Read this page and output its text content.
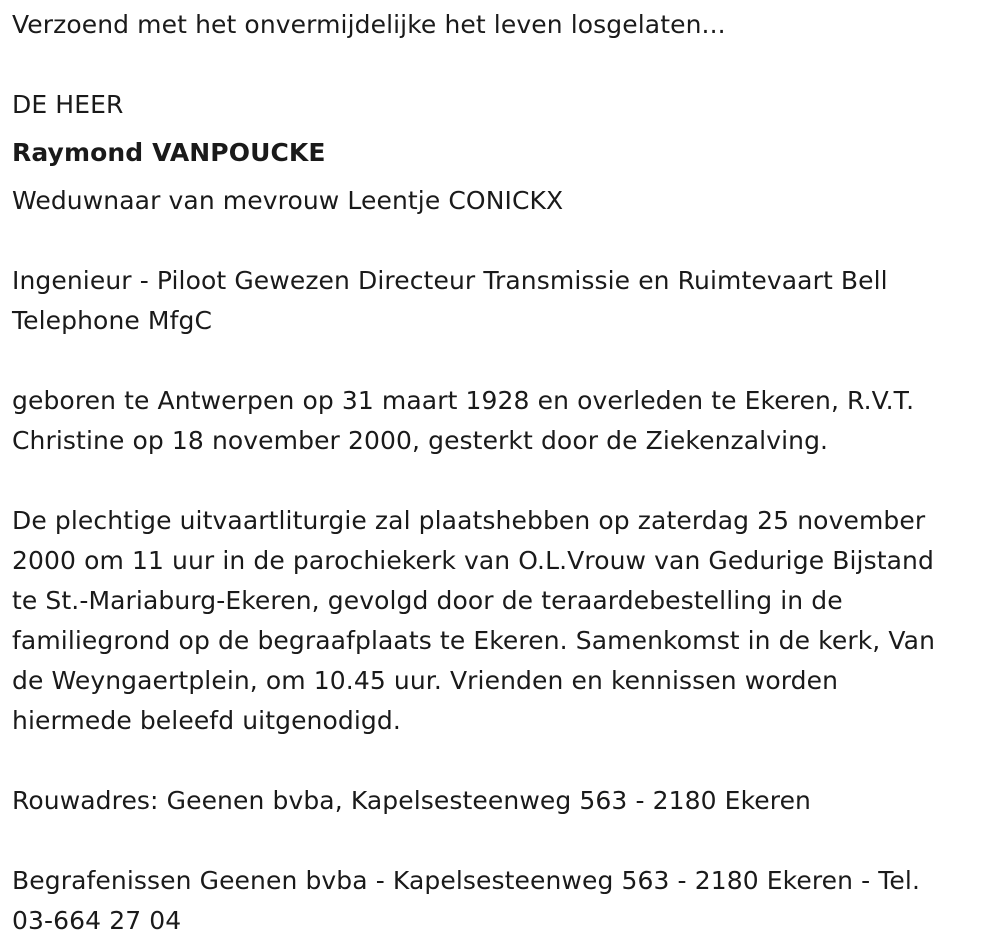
Verzoend met het onvermijdelijke het leven losgelaten...
DE HEER
Raymond VANPOUCKE
Weduwnaar van mevrouw Leentje CONICKX
Ingenieur - Piloot Gewezen Directeur Transmissie en Ruimtevaart Bell
Telephone MfgC
geboren te Antwerpen op 31 maart 1928 en overleden te Ekeren, R.V.T.
Christine op 18 november 2000, gesterkt door de Ziekenzalving.
De plechtige uitvaartliturgie zal plaatshebben op zaterdag 25 november
2000 om 11 uur in de parochiekerk van O.L.Vrouw van Gedurige Bijstand
te St.-Mariaburg-Ekeren, gevolgd door de teraardebestelling in de
familiegrond op de begraafplaats te Ekeren. Samenkomst in de kerk, Van
de Weyngaertplein, om 10.45 uur. Vrienden en kennissen worden
hiermede beleefd uitgenodigd.
Rouwadres: Geenen bvba, Kapelsesteenweg 563 - 2180 Ekeren
Begrafenissen Geenen bvba - Kapelsesteenweg 563 - 2180 Ekeren - Tel.
03-664 27 04
